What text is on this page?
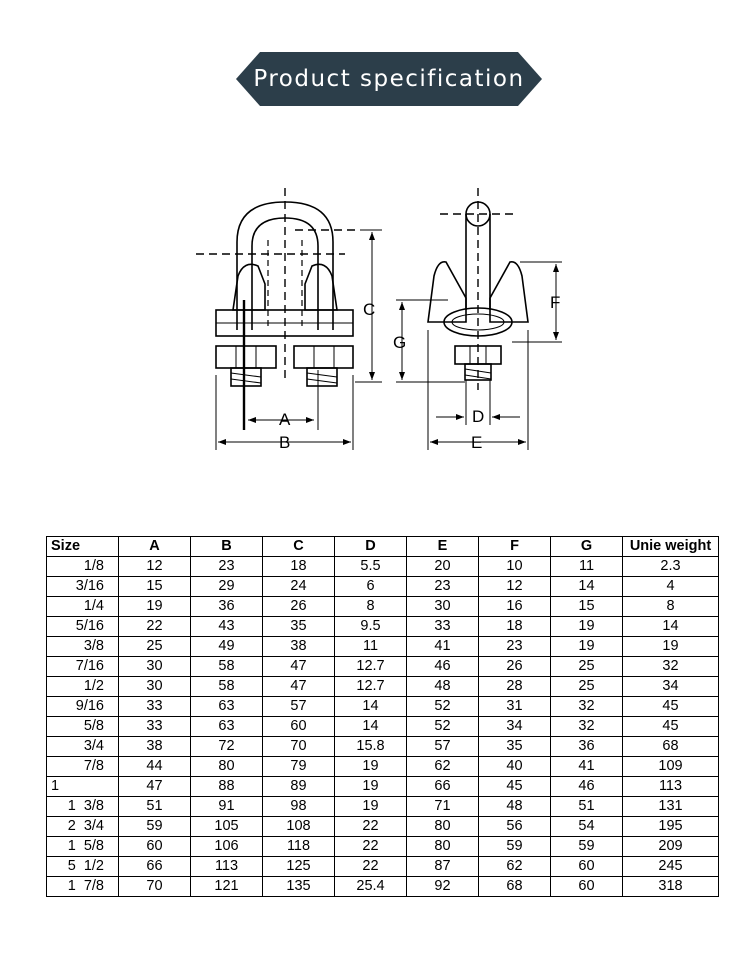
Product specification
A
B
C
D
E
F
G
Size	A	B	C	D	E	F	G	Unie weight
1/8	12	23	18	5.5	20	10	11	2.3
3/16	15	29	24	6	23	12	14	4
1/4	19	36	26	8	30	16	15	8
5/16	22	43	35	9.5	33	18	19	14
3/8	25	49	38	11	41	23	19	19
7/16	30	58	47	12.7	46	26	25	32
1/2	30	58	47	12.7	48	28	25	34
9/16	33	63	57	14	52	31	32	45
5/8	33	63	60	14	52	34	32	45
3/4	38	72	70	15.8	57	35	36	68
7/8	44	80	79	19	62	40	41	109
1	47	88	89	19	66	45	46	113
1  3/8	51	91	98	19	71	48	51	131
2  3/4	59	105	108	22	80	56	54	195
1  5/8	60	106	118	22	80	59	59	209
5  1/2	66	113	125	22	87	62	60	245
1  7/8	70	121	135	25.4	92	68	60	318
